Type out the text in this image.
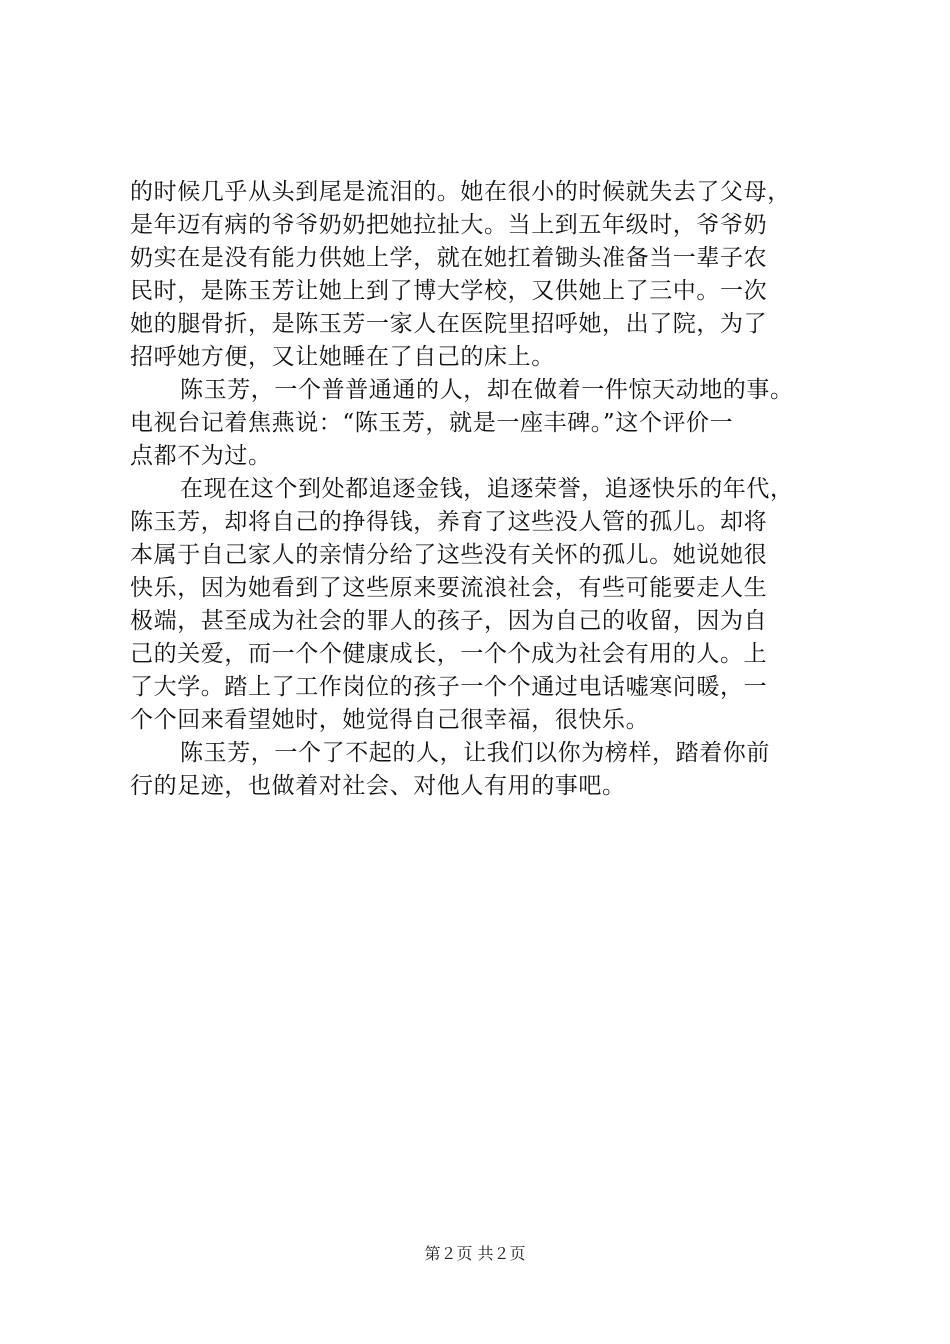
的时候几乎从头到尾是流泪的。她在很小的时候就失去了父母，
是年迈有病的爷爷奶奶把她拉扯大。当上到五年级时，爷爷奶
奶实在是没有能力供她上学，就在她扛着锄头准备当一辈子农
民时，是陈玉芳让她上到了博大学校，又供她上了三中。一次
她的腿骨折，是陈玉芳一家人在医院里招呼她，出了院，为了
招呼她方便，又让她睡在了自己的床上。
陈玉芳，一个普普通通的人，却在做着一件惊天动地的事。
电视台记着焦燕说：“陈玉芳，就是一座丰碑。”这个评价一
点都不为过。
在现在这个到处都追逐金钱，追逐荣誉，追逐快乐的年代，
陈玉芳，却将自己的挣得钱，养育了这些没人管的孤儿。却将
本属于自己家人的亲情分给了这些没有关怀的孤儿。她说她很
快乐，因为她看到了这些原来要流浪社会，有些可能要走人生
极端，甚至成为社会的罪人的孩子，因为自己的收留，因为自
己的关爱，而一个个健康成长，一个个成为社会有用的人。上
了大学。踏上了工作岗位的孩子一个个通过电话嘘寒问暖，一
个个回来看望她时，她觉得自己很幸福，很快乐。
陈玉芳，一个了不起的人，让我们以你为榜样，踏着你前
行的足迹，也做着对社会、对他人有用的事吧。
第２页 共２页
